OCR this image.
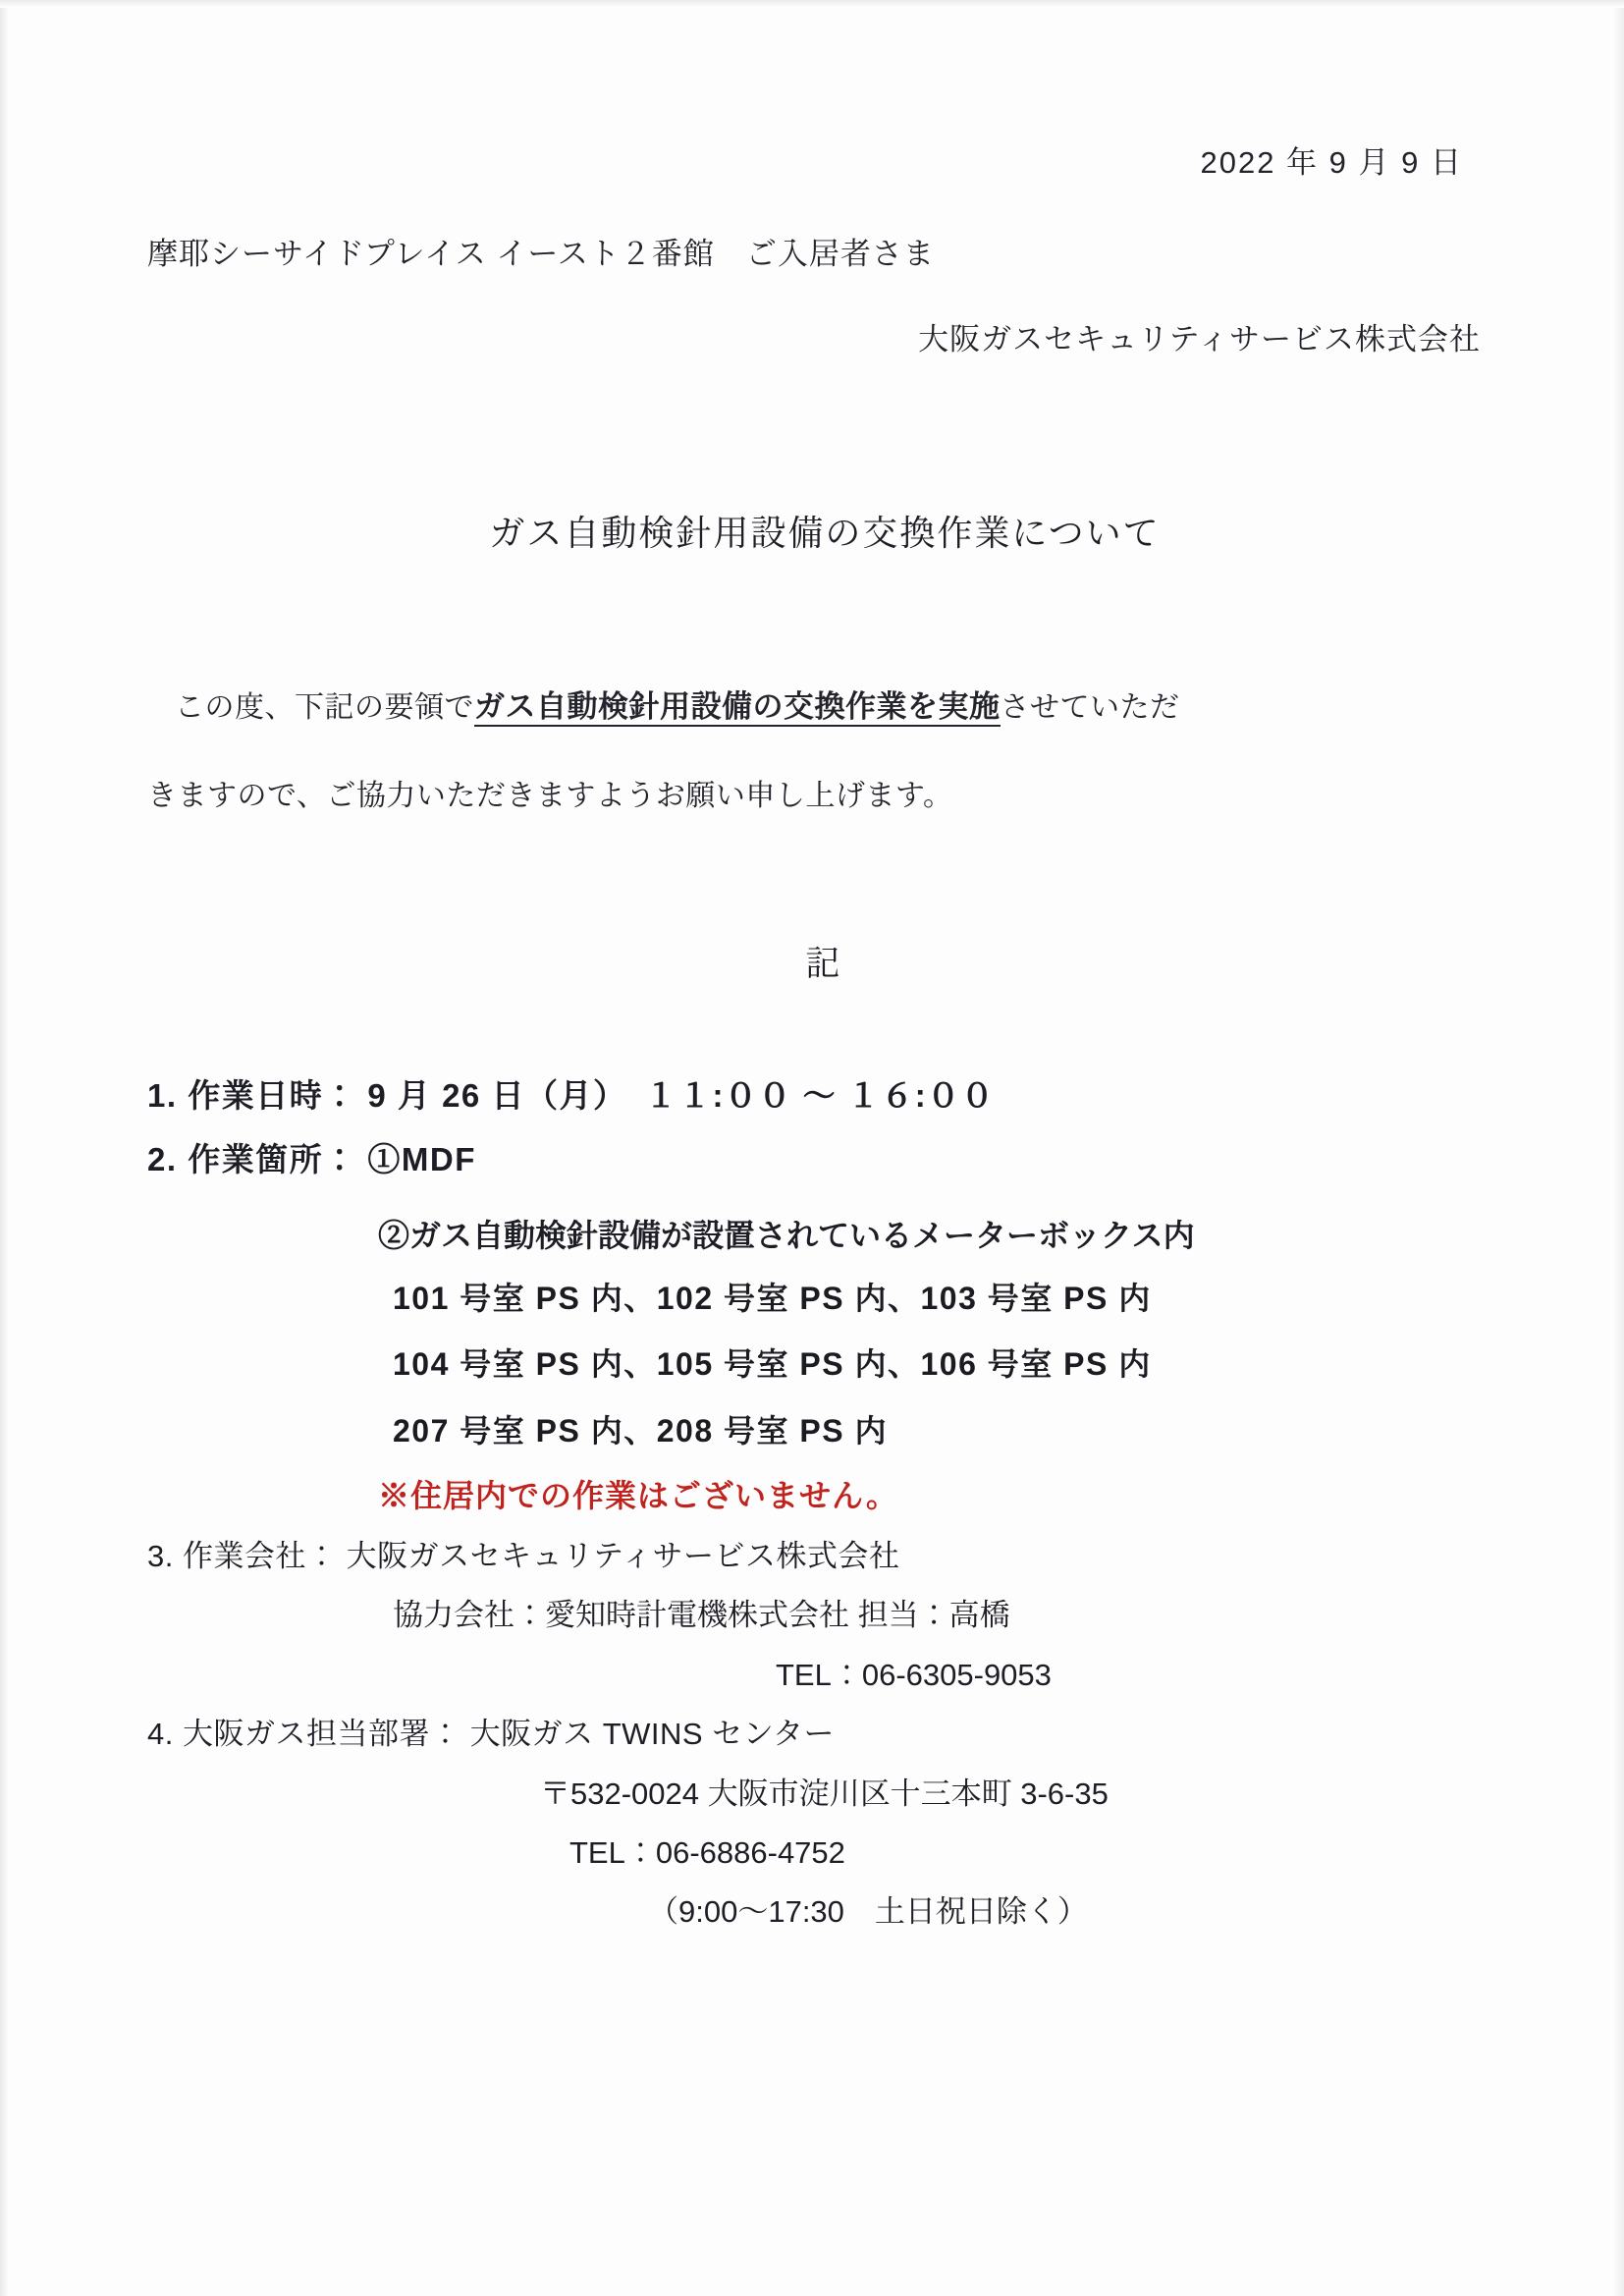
2022 年 9 月 9 日
摩耶シーサイドプレイス イースト２番館　ご入居者さま
大阪ガスセキュリティサービス株式会社
ガス自動検針用設備の交換作業について
この度、下記の要領でガス自動検針用設備の交換作業を実施させていただ
きますので、ご協力いただきますようお願い申し上げます。
記
1. 作業日時： 9 月 26 日（月）　１１:００ ～ １６:００
2. 作業箇所： ①MDF
②ガス自動検針設備が設置されているメーターボックス内
101 号室 PS 内、102 号室 PS 内、103 号室 PS 内
104 号室 PS 内、105 号室 PS 内、106 号室 PS 内
207 号室 PS 内、208 号室 PS 内
※住居内での作業はございません。
3. 作業会社： 大阪ガスセキュリティサービス株式会社
協力会社：愛知時計電機株式会社 担当：高橋
TEL：06-6305-9053
4. 大阪ガス担当部署： 大阪ガス TWINS センター
〒532-0024 大阪市淀川区十三本町 3-6-35
TEL：06-6886-4752
（9:00～17:30　土日祝日除く）
